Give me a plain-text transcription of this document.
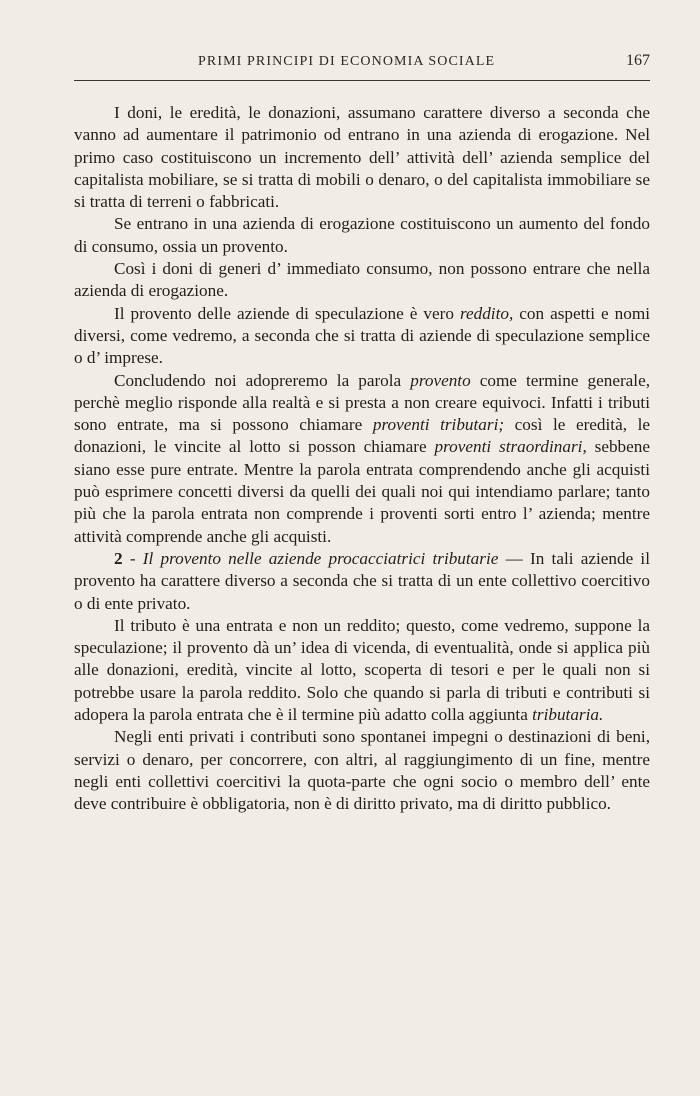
PRIMI PRINCIPI DI ECONOMIA SOCIALE	167

I doni, le eredità, le donazioni, assumano carattere diverso a seconda che vanno ad aumentare il patrimonio od entrano in una azienda di erogazione. Nel primo caso costituiscono un incremento dell’ attività dell’ azienda semplice del capitalista mobiliare, se si tratta di mobili o denaro, o del capitalista immobiliare se si tratta di terreni o fabbricati.

Se entrano in una azienda di erogazione costituiscono un aumento del fondo di consumo, ossia un provento.

Così i doni di generi d’ immediato consumo, non possono entrare che nella azienda di erogazione.

Il provento delle aziende di speculazione è vero reddito, con aspetti e nomi diversi, come vedremo, a seconda che si tratta di aziende di speculazione semplice o d’ imprese.

Concludendo noi adopreremo la parola provento come termine generale, perchè meglio risponde alla realtà e si presta a non creare equivoci. Infatti i tributi sono entrate, ma si possono chiamare proventi tributari; così le eredità, le donazioni, le vincite al lotto si posson chiamare proventi straordinari, sebbene siano esse pure entrate. Mentre la parola entrata comprendendo anche gli acquisti può esprimere concetti diversi da quelli dei quali noi qui intendiamo parlare; tanto più che la parola entrata non comprende i proventi sorti entro l’ azienda; mentre attività comprende anche gli acquisti.

2 - Il provento nelle aziende procacciatrici tributarie — In tali aziende il provento ha carattere diverso a seconda che si tratta di un ente collettivo coercitivo o di ente privato.

Il tributo è una entrata e non un reddito; questo, come vedremo, suppone la speculazione; il provento dà un’ idea di vicenda, di eventualità, onde si applica più alle donazioni, eredità, vincite al lotto, scoperta di tesori e per le quali non si potrebbe usare la parola reddito. Solo che quando si parla di tributi e contributi si adopera la parola entrata che è il termine più adatto colla aggiunta tributaria.

Negli enti privati i contributi sono spontanei impegni o destinazioni di beni, servizi o denaro, per concorrere, con altri, al raggiungimento di un fine, mentre negli enti collettivi coercitivi la quota-parte che ogni socio o membro dell’ ente deve contribuire è obbligatoria, non è di diritto privato, ma di diritto pubblico.
